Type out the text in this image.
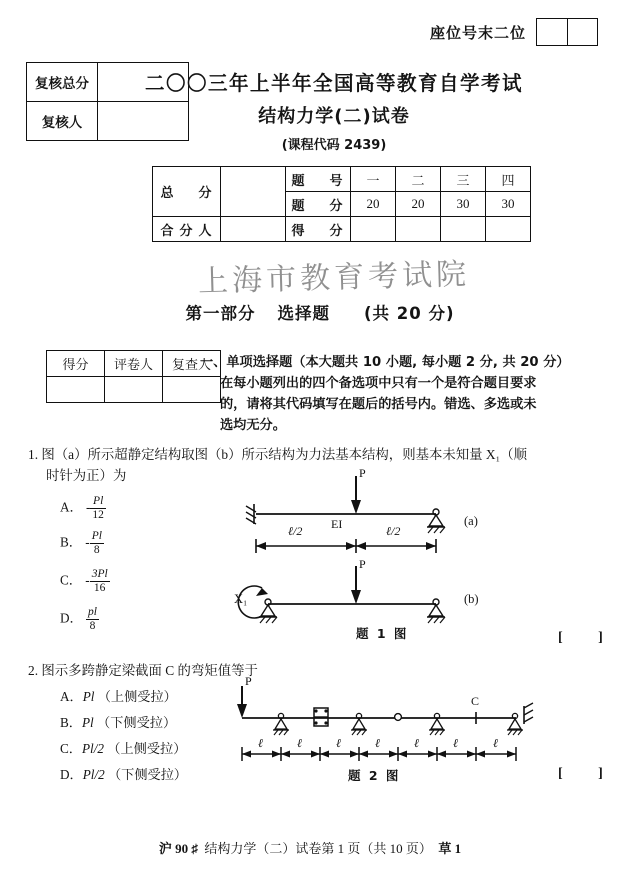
座位号末二位
复核总分	
复核人	
二〇〇三年上半年全国高等教育自学考试
结构力学(二)试卷
(课程代码 2439)
总　分		题　号	一	二	三	四
		题　分	20	20	30	30
合分人		得　分				
上海市教育考试院
第一部分 选择题 (共 20 分)
得分	评卷人	复查人

一、单项选择题（本大题共 10 小题, 每小题 2 分, 共 20 分）
在每小题列出的四个备选项中只有一个是符合题目要求
的，请将其代码填写在题后的括号内。错选、多选或未
选均无分。
1. 图（a）所示超静定结构取图（b）所示结构为力法基本结构，则基本未知量 X₁（顺
时针为正）为
A． - $\frac{Pl}{12}$
B． - $\frac{Pl}{8}$
C． - $\frac{3Pl}{16}$
D． $\frac{pl}{8}$
P
EI
ℓ/2	ℓ/2
(a)
P
X₁	(b)
题 1 图	[ ]
2. 图示多跨静定梁截面 C 的弯矩值等于
A．Pl （上侧受拉）
B．Pl （下侧受拉）
C．Pl/2 （上侧受拉）
D．Pl/2 （下侧受拉）
P
C
ℓ	ℓ	ℓ	ℓ	ℓ	ℓ	ℓ
题 2 图	[ ]
沪 90 ♯ 结构力学（二）试卷第 1 页（共 10 页） 草 1
